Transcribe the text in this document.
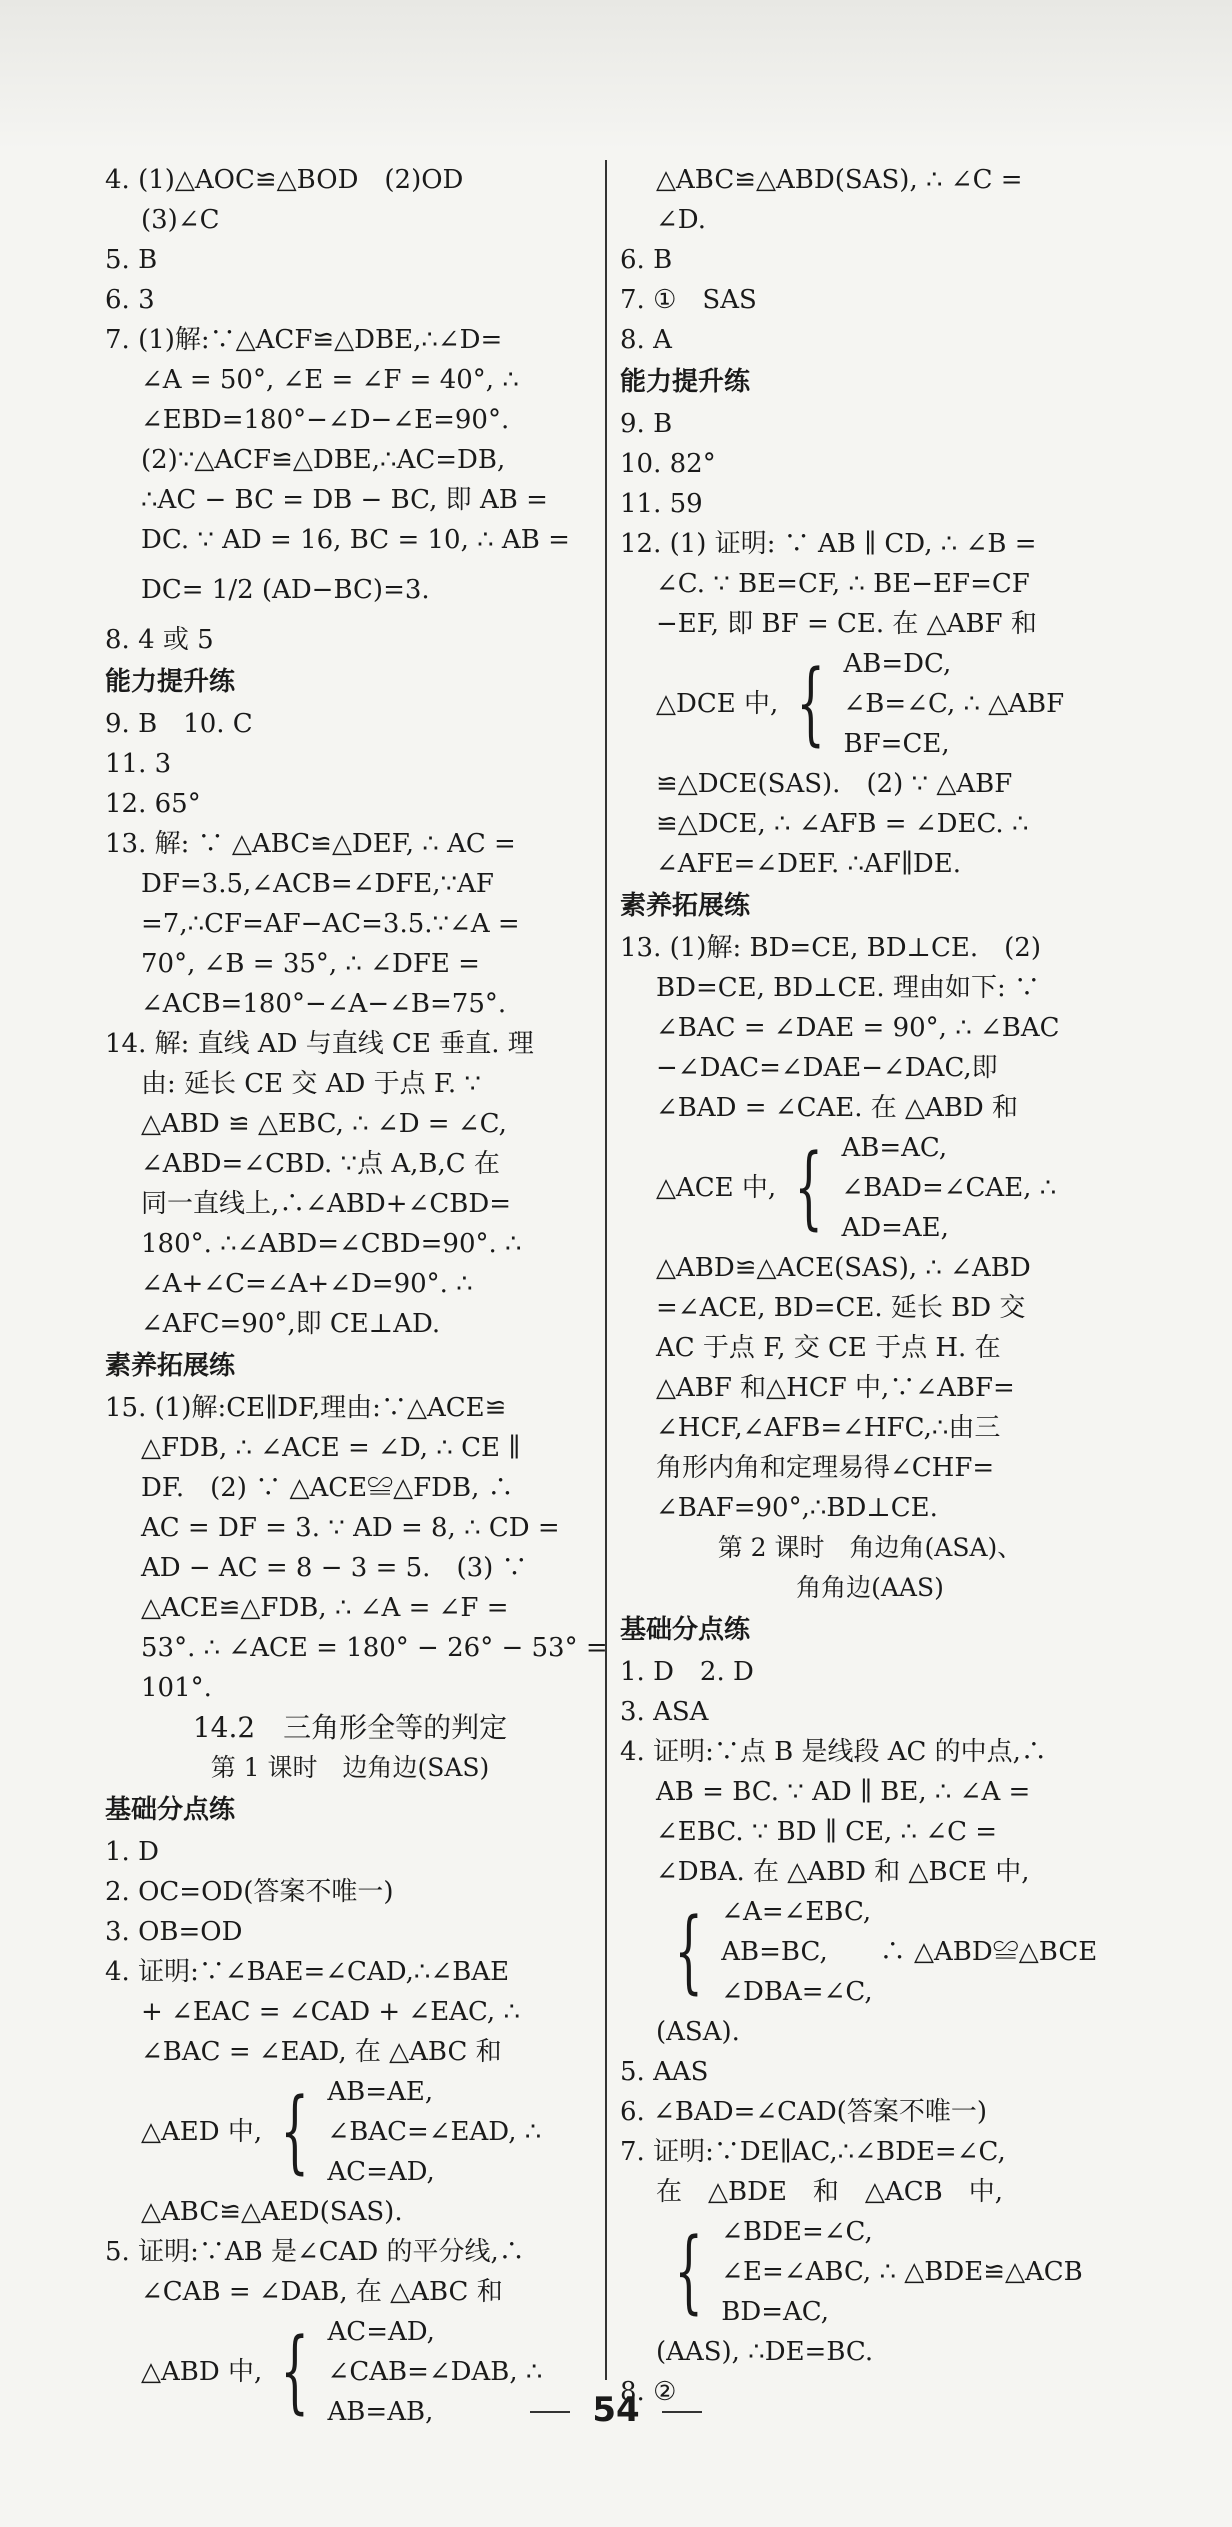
4. (1)△AOC≌△BOD　(2)OD
(3)∠C
5. B
6. 3
7. (1)解:∵△ACF≌△DBE,∴∠D=
∠A = 50°, ∠E = ∠F = 40°, ∴
∠EBD=180°−∠D−∠E=90°.
(2)∵△ACF≌△DBE,∴AC=DB,
∴AC − BC = DB − BC, 即 AB =
DC. ∵ AD = 16, BC = 10, ∴ AB =
DC= 1/2 (AD−BC)=3.
8. 4 或 5
能力提升练
9. B　10. C
11. 3
12. 65°
13. 解: ∵ △ABC≌△DEF, ∴ AC =
DF=3.5,∠ACB=∠DFE,∵AF
=7,∴CF=AF−AC=3.5.∵∠A =
70°, ∠B = 35°, ∴ ∠DFE =
∠ACB=180°−∠A−∠B=75°.
14. 解: 直线 AD 与直线 CE 垂直. 理
由: 延长 CE 交 AD 于点 F. ∵
△ABD ≌ △EBC, ∴ ∠D = ∠C,
∠ABD=∠CBD. ∵点 A,B,C 在
同一直线上,∴∠ABD+∠CBD=
180°. ∴∠ABD=∠CBD=90°. ∴
∠A+∠C=∠A+∠D=90°. ∴
∠AFC=90°,即 CE⊥AD.
素养拓展练
15. (1)解:CE∥DF,理由:∵△ACE≌
△FDB, ∴ ∠ACE = ∠D, ∴ CE ∥
DF.　(2) ∵ △ACE≌△FDB, ∴
AC = DF = 3. ∵ AD = 8, ∴ CD =
AD − AC = 8 − 3 = 5.　(3) ∵
△ACE≌△FDB, ∴ ∠A = ∠F =
53°. ∴ ∠ACE = 180° − 26° − 53° =
101°.
14.2　三角形全等的判定
第 1 课时　边角边(SAS)
基础分点练
1. D
2. OC=OD(答案不唯一)
3. OB=OD
4. 证明:∵∠BAE=∠CAD,∴∠BAE
+ ∠EAC = ∠CAD + ∠EAC, ∴
∠BAC = ∠EAD, 在 △ABC 和
△AED 中, { AB=AE,
∠BAC=∠EAD, ∴
AC=AD,
△ABC≌△AED(SAS).
5. 证明:∵AB 是∠CAD 的平分线,∴
∠CAB = ∠DAB, 在 △ABC 和
△ABD 中, { AC=AD,
∠CAB=∠DAB, ∴
AB=AB,
△ABC≌△ABD(SAS), ∴ ∠C =
∠D.
6. B
7. ①　SAS
8. A
能力提升练
9. B
10. 82°
11. 59
12. (1) 证明: ∵ AB ∥ CD, ∴ ∠B =
∠C. ∵ BE=CF, ∴ BE−EF=CF
−EF, 即 BF = CE. 在 △ABF 和
△DCE 中, { AB=DC,
∠B=∠C, ∴ △ABF
BF=CE,
≌△DCE(SAS).　(2) ∵ △ABF
≌△DCE, ∴ ∠AFB = ∠DEC. ∴
∠AFE=∠DEF. ∴AF∥DE.
素养拓展练
13. (1)解: BD=CE, BD⊥CE.　(2)
BD=CE, BD⊥CE. 理由如下: ∵
∠BAC = ∠DAE = 90°, ∴ ∠BAC
−∠DAC=∠DAE−∠DAC,即
∠BAD = ∠CAE. 在 △ABD 和
△ACE 中, { AB=AC,
∠BAD=∠CAE, ∴
AD=AE,
△ABD≌△ACE(SAS), ∴ ∠ABD
=∠ACE, BD=CE. 延长 BD 交
AC 于点 F, 交 CE 于点 H. 在
△ABF 和△HCF 中,∵∠ABF=
∠HCF,∠AFB=∠HFC,∴由三
角形内角和定理易得∠CHF=
∠BAF=90°,∴BD⊥CE.
第 2 课时　角边角(ASA)、
角角边(AAS)
基础分点练
1. D　2. D
3. ASA
4. 证明:∵点 B 是线段 AC 的中点,∴
AB = BC. ∵ AD ∥ BE, ∴ ∠A =
∠EBC. ∵ BD ∥ CE, ∴ ∠C =
∠DBA. 在 △ABD 和 △BCE 中,
{ ∠A=∠EBC,
AB=BC,　　∴ △ABD≌△BCE
∠DBA=∠C,
(ASA).
5. AAS
6. ∠BAD=∠CAD(答案不唯一)
7. 证明:∵DE∥AC,∴∠BDE=∠C,
在　△BDE　和　△ACB　中,
{ ∠BDE=∠C,
∠E=∠ABC, ∴ △BDE≌△ACB
BD=AC,
(AAS), ∴DE=BC.
8. ②
54
